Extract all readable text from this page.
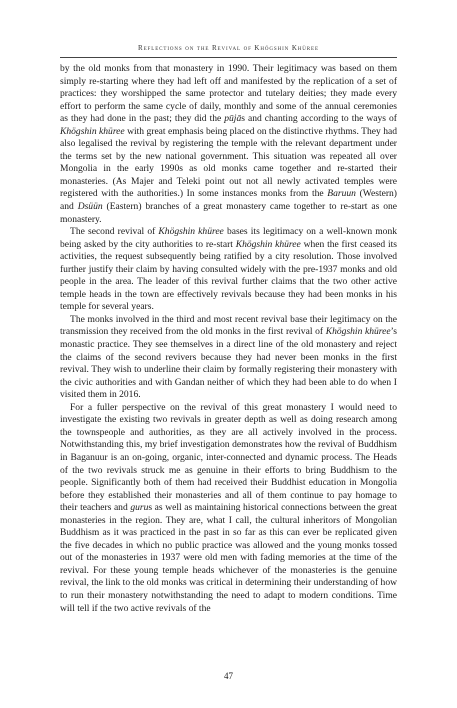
Reflections on the Revival of Khögshin Khüree

by the old monks from that monastery in 1990. Their legitimacy was based on them simply re-starting where they had left off and manifested by the replication of a set of practices: they worshipped the same protector and tutelary deities; they made every effort to perform the same cycle of daily, monthly and some of the annual ceremonies as they had done in the past; they did the pūjās and chanting according to the ways of Khögshin khüree with great emphasis being placed on the distinctive rhythms. They had also legalised the revival by registering the temple with the relevant department under the terms set by the new national government. This situation was repeated all over Mongolia in the early 1990s as old monks came together and re-started their monasteries. (As Majer and Teleki point out not all newly activated temples were registered with the authorities.) In some instances monks from the Baruun (Western) and Dsüün (Eastern) branches of a great monastery came together to re-start as one monastery.

The second revival of Khögshin khüree bases its legitimacy on a well-known monk being asked by the city authorities to re-start Khögshin khüree when the first ceased its activities, the request subsequently being ratified by a city resolution. Those involved further justify their claim by having consulted widely with the pre-1937 monks and old people in the area. The leader of this revival further claims that the two other active temple heads in the town are effectively revivals because they had been monks in his temple for several years.

The monks involved in the third and most recent revival base their legitimacy on the transmission they received from the old monks in the first revival of Khögshin khüree’s monastic practice. They see themselves in a direct line of the old monastery and reject the claims of the second revivers because they had never been monks in the first revival. They wish to underline their claim by formally registering their monastery with the civic authorities and with Gandan neither of which they had been able to do when I visited them in 2016.

For a fuller perspective on the revival of this great monastery I would need to investigate the existing two revivals in greater depth as well as doing research among the townspeople and authorities, as they are all actively involved in the process. Notwithstanding this, my brief investigation demonstrates how the revival of Buddhism in Baganuur is an on-going, organic, inter-connected and dynamic process. The Heads of the two revivals struck me as genuine in their efforts to bring Buddhism to the people. Significantly both of them had received their Buddhist education in Mongolia before they established their monasteries and all of them continue to pay homage to their teachers and gurus as well as maintaining historical connections between the great monasteries in the region. They are, what I call, the cultural inheritors of Mongolian Buddhism as it was practiced in the past in so far as this can ever be replicated given the five decades in which no public practice was allowed and the young monks tossed out of the monasteries in 1937 were old men with fading memories at the time of the revival. For these young temple heads whichever of the monasteries is the genuine revival, the link to the old monks was critical in determining their understanding of how to run their monastery notwithstanding the need to adapt to modern conditions. Time will tell if the two active revivals of the

47
